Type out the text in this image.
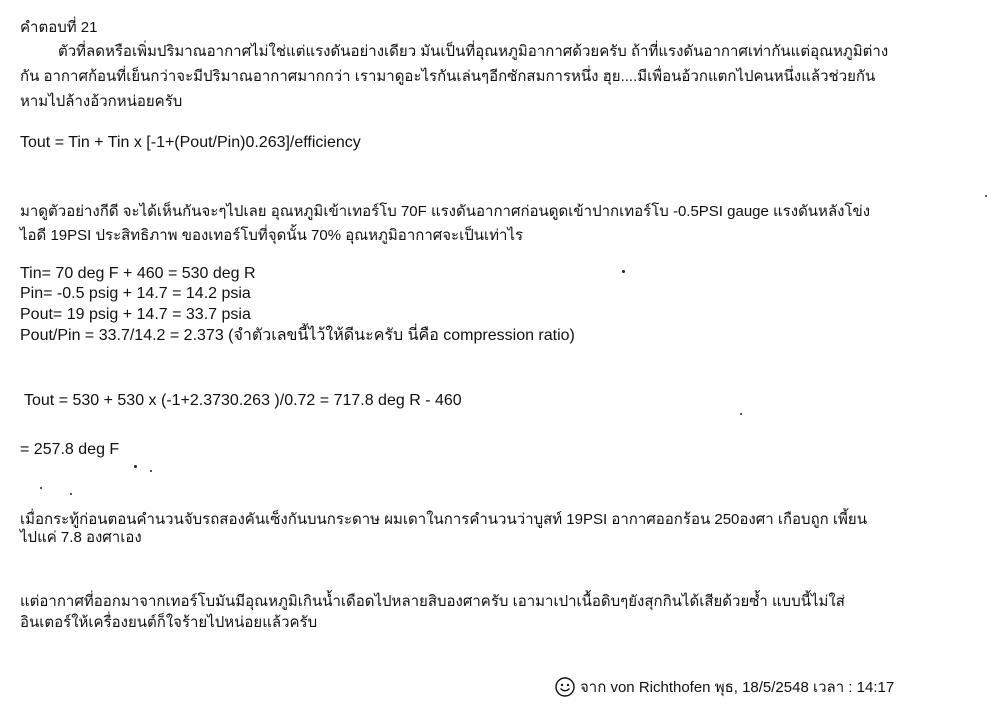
คำตอบที่ 21
ตัวที่ลดหรือเพิ่มปริมาณอากาศไม่ใช่แต่แรงดันอย่างเดียว มันเป็นที่อุณหภูมิอากาศด้วยครับ ถ้าที่แรงดันอากาศเท่ากันแต่อุณหภูมิต่าง
กัน อากาศก้อนที่เย็นกว่าจะมีปริมาณอากาศมากกว่า เรามาดูอะไรกันเล่นๆอีกซักสมการหนึ่ง ฮุย....มีเพื่อนอ้วกแตกไปคนหนึ่งแล้วช่วยกัน
หามไปล้างอ้วกหน่อยครับ
Tout = Tin + Tin x [-1+(Pout/Pin)0.263]/efficiency
มาดูตัวอย่างกีดี จะได้เห็นกันจะๆไปเลย อุณหภูมิเข้าเทอร์โบ 70F แรงดันอากาศก่อนดูดเข้าปากเทอร์โบ -0.5PSI gauge แรงดันหลังโข่ง
ไอดี 19PSI ประสิทธิภาพ ของเทอร์โบที่จุดนั้น 70% อุณหภูมิอากาศจะเป็นเท่าไร
Tin= 70 deg F + 460 = 530 deg R
Pin= -0.5 psig + 14.7 = 14.2 psia
Pout= 19 psig + 14.7 = 33.7 psia
Pout/Pin = 33.7/14.2 = 2.373 (จำตัวเลขนี้ไว้ให้ดีนะครับ นี่คือ compression ratio)
Tout = 530 + 530 x (-1+2.3730.263 )/0.72 = 717.8 deg R - 460
= 257.8 deg F
เมื่อกระทู้ก่อนตอนคำนวนจับรถสองคันเซ็งกันบนกระดาษ ผมเดาในการคำนวนว่าบูสท์ 19PSI อากาศออกร้อน 250องศา เกือบถูก เพี้ยน
ไปแค่ 7.8 องศาเอง
แต่อากาศที่ออกมาจากเทอร์โบมันมีอุณหภูมิเกินน้ำเดือดไปหลายสิบองศาครับ เอามาเปาเนื้อดิบๆยังสุกกินได้เสียด้วยซ้ำ แบบนี้ไม่ใส่
อินเตอร์ให้เครื่องยนต์ก็ใจร้ายไปหน่อยแล้วครับ
จาก von Richthofen พุธ, 18/5/2548 เวลา : 14:17
